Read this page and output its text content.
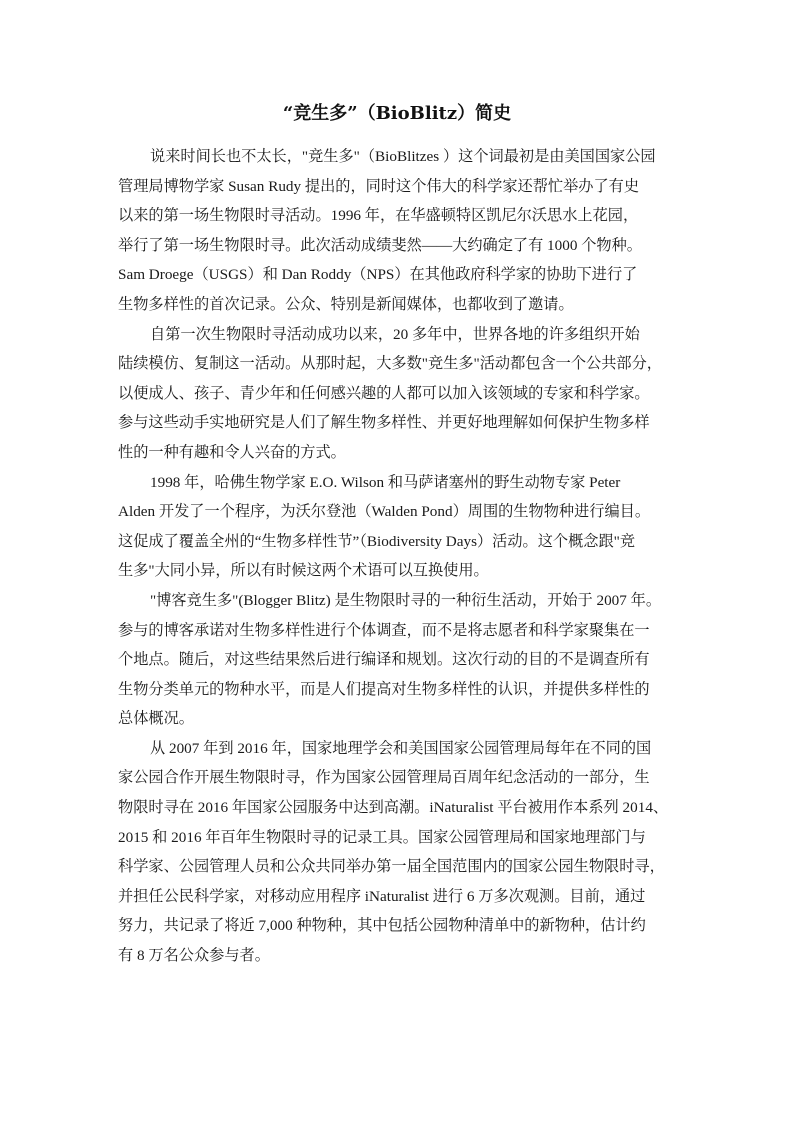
“竞生多”（BioBlitz）简史
说来时间长也不太长，"竞生多"（BioBlitzes ）这个词最初是由美国国家公园
管理局博物学家 Susan Rudy 提出的，同时这个伟大的科学家还帮忙举办了有史
以来的第一场生物限时寻活动。1996 年，在华盛顿特区凯尼尔沃思水上花园，
举行了第一场生物限时寻。此次活动成绩斐然——大约确定了有 1000 个物种。
Sam Droege（USGS）和 Dan Roddy（NPS）在其他政府科学家的协助下进行了
生物多样性的首次记录。公众、特别是新闻媒体，也都收到了邀请。
自第一次生物限时寻活动成功以来，20 多年中，世界各地的许多组织开始
陆续模仿、复制这一活动。从那时起，大多数"竞生多"活动都包含一个公共部分，
以便成人、孩子、青少年和任何感兴趣的人都可以加入该领域的专家和科学家。
参与这些动手实地研究是人们了解生物多样性、并更好地理解如何保护生物多样
性的一种有趣和令人兴奋的方式。
1998 年，哈佛生物学家 E.O. Wilson 和马萨诸塞州的野生动物专家 Peter
Alden 开发了一个程序，为沃尔登池（Walden Pond）周围的生物物种进行编目。
这促成了覆盖全州的“生物多样性节”（Biodiversity Days）活动。这个概念跟"竞
生多"大同小异，所以有时候这两个术语可以互换使用。
"博客竞生多"(Blogger Blitz) 是生物限时寻的一种衍生活动，开始于 2007 年。
参与的博客承诺对生物多样性进行个体调查，而不是将志愿者和科学家聚集在一
个地点。随后，对这些结果然后进行编译和规划。这次行动的目的不是调查所有
生物分类单元的物种水平，而是人们提高对生物多样性的认识，并提供多样性的
总体概况。
从 2007 年到 2016 年，国家地理学会和美国国家公园管理局每年在不同的国
家公园合作开展生物限时寻，作为国家公园管理局百周年纪念活动的一部分，生
物限时寻在 2016 年国家公园服务中达到高潮。iNaturalist 平台被用作本系列 2014、
2015 和 2016 年百年生物限时寻的记录工具。国家公园管理局和国家地理部门与
科学家、公园管理人员和公众共同举办第一届全国范围内的国家公园生物限时寻，
并担任公民科学家，对移动应用程序 iNaturalist 进行 6 万多次观测。目前，通过
努力，共记录了将近 7,000 种物种，其中包括公园物种清单中的新物种，估计约
有 8 万名公众参与者。
